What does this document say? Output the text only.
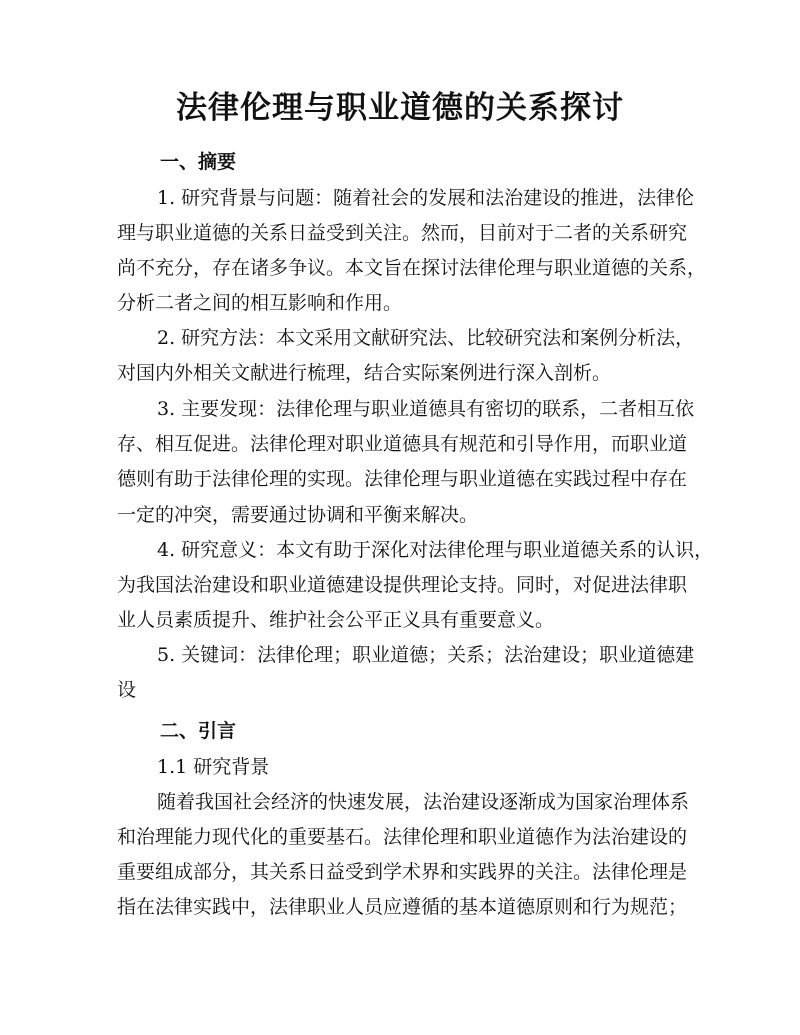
法律伦理与职业道德的关系探讨
一、摘要

1. 研究背景与问题：随着社会的发展和法治建设的推进，法律伦

理与职业道德的关系日益受到关注。然而，目前对于二者的关系研究

尚不充分，存在诸多争议。本文旨在探讨法律伦理与职业道德的关系，

分析二者之间的相互影响和作用。

2. 研究方法：本文采用文献研究法、比较研究法和案例分析法，

对国内外相关文献进行梳理，结合实际案例进行深入剖析。

3. 主要发现：法律伦理与职业道德具有密切的联系，二者相互依

存、相互促进。法律伦理对职业道德具有规范和引导作用，而职业道

德则有助于法律伦理的实现。法律伦理与职业道德在实践过程中存在

一定的冲突，需要通过协调和平衡来解决。

4. 研究意义：本文有助于深化对法律伦理与职业道德关系的认识，

为我国法治建设和职业道德建设提供理论支持。同时，对促进法律职

业人员素质提升、维护社会公平正义具有重要意义。

5. 关键词：法律伦理；职业道德；关系；法治建设；职业道德建

设

二、引言

1.1 研究背景

随着我国社会经济的快速发展，法治建设逐渐成为国家治理体系

和治理能力现代化的重要基石。法律伦理和职业道德作为法治建设的

重要组成部分，其关系日益受到学术界和实践界的关注。法律伦理是

指在法律实践中，法律职业人员应遵循的基本道德原则和行为规范；
